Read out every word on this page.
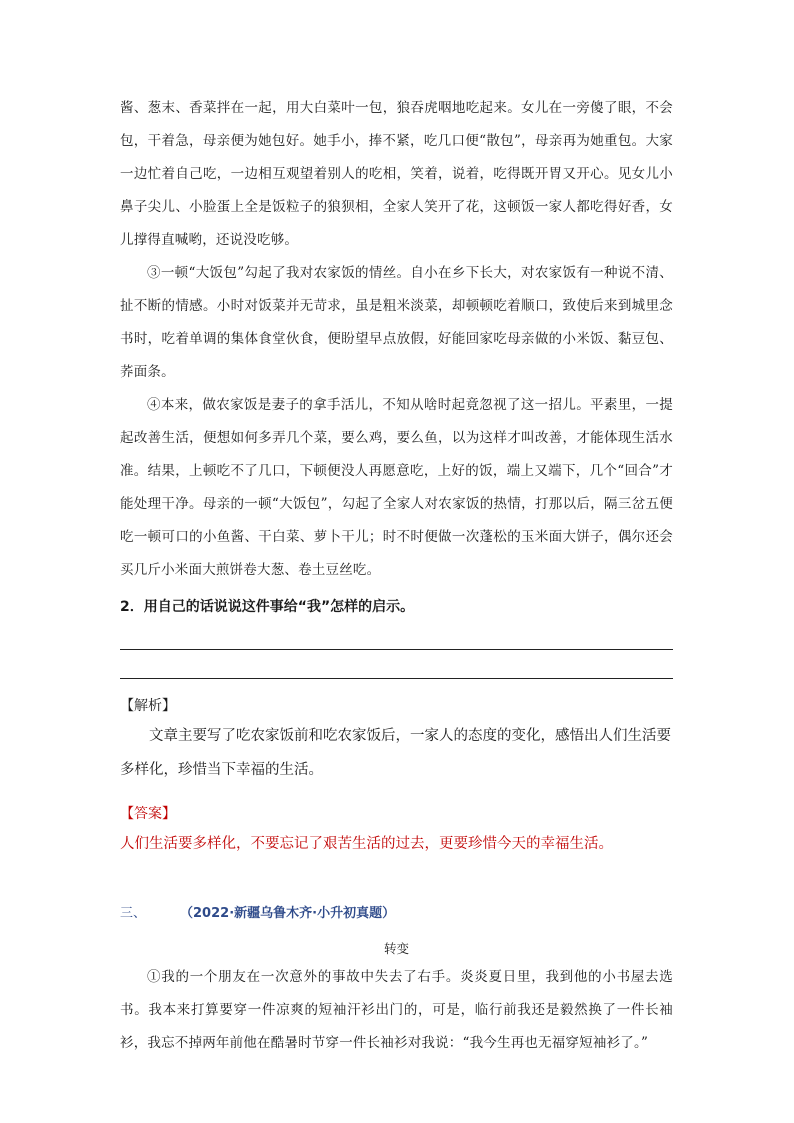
酱、葱末、香菜拌在一起，用大白菜叶一包，狼吞虎咽地吃起来。女儿在一旁傻了眼，不会包，干着急，母亲便为她包好。她手小，捧不紧，吃几口便“散包”，母亲再为她重包。大家一边忙着自己吃，一边相互观望着别人的吃相，笑着，说着，吃得既开胃又开心。见女儿小鼻子尖儿、小脸蛋上全是饭粒子的狼狈相，全家人笑开了花，这顿饭一家人都吃得好香，女儿撑得直喊哟，还说没吃够。

③一顿“大饭包”勾起了我对农家饭的情丝。自小在乡下长大，对农家饭有一种说不清、扯不断的情感。小时对饭菜并无苛求，虽是粗米淡菜，却顿顿吃着顺口，致使后来到城里念书时，吃着单调的集体食堂伙食，便盼望早点放假，好能回家吃母亲做的小米饭、黏豆包、荞面条。

④本来，做农家饭是妻子的拿手活儿，不知从啥时起竟忽视了这一招儿。平素里，一提起改善生活，便想如何多弄几个菜，要么鸡，要么鱼，以为这样才叫改善，才能体现生活水准。结果，上顿吃不了几口，下顿便没人再愿意吃，上好的饭，端上又端下，几个“回合”才能处理干净。母亲的一顿“大饭包”，勾起了全家人对农家饭的热情，打那以后，隔三岔五便吃一顿可口的小鱼酱、干白菜、萝卜干儿；时不时便做一次蓬松的玉米面大饼子，偶尔还会买几斤小米面大煎饼卷大葱、卷土豆丝吃。

2．用自己的话说说这件事给“我”怎样的启示。
【解析】

文章主要写了吃农家饭前和吃农家饭后，一家人的态度的变化，感悟出人们生活要多样化，珍惜当下幸福的生活。

【答案】

人们生活要多样化，不要忘记了艰苦生活的过去，更要珍惜今天的幸福生活。

三、	（2022·新疆乌鲁木齐·小升初真题）
转变

①我的一个朋友在一次意外的事故中失去了右手。炎炎夏日里，我到他的小书屋去选书。我本来打算要穿一件凉爽的短袖汗衫出门的，可是，临行前我还是毅然换了一件长袖衫，我忘不掉两年前他在酷暑时节穿一件长袖衫对我说：“我今生再也无福穿短袖衫了。”
